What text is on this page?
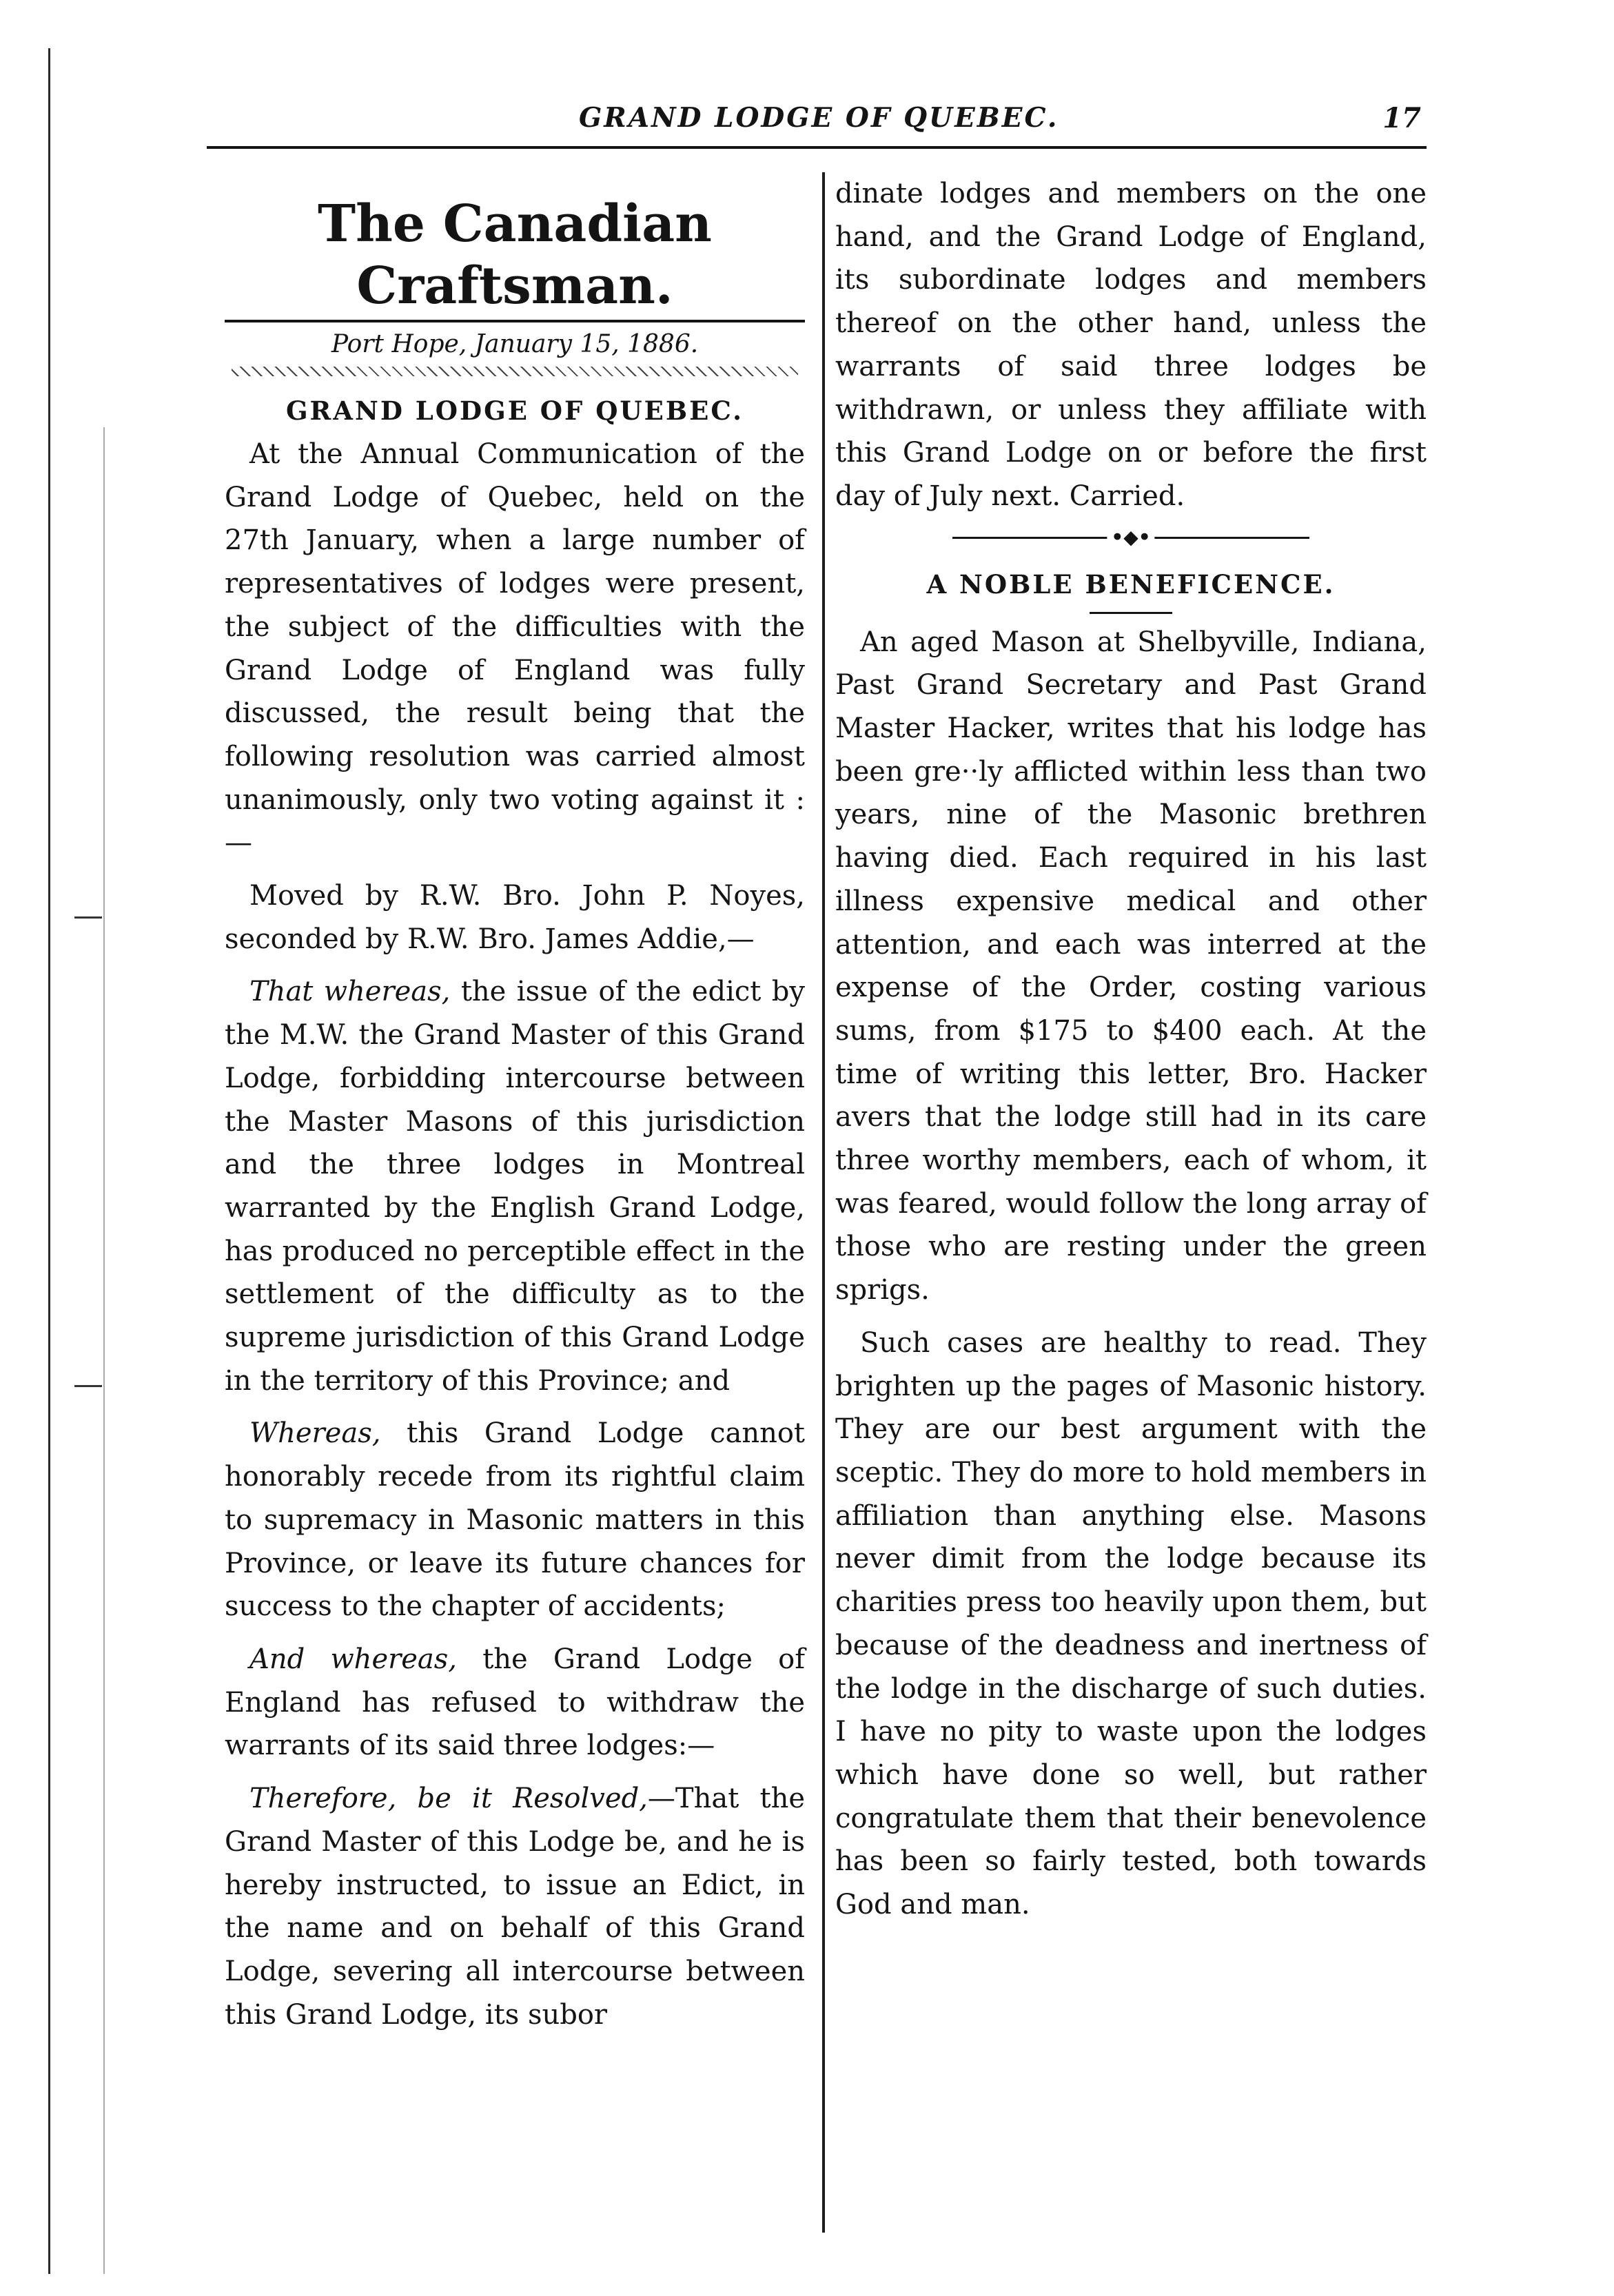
GRAND LODGE OF QUEBEC.	17
The Canadian Craftsman.
Port Hope, January 15, 1886.
GRAND LODGE OF QUEBEC.

At the Annual Communication of the Grand Lodge of Quebec, held on the 27th January, when a large number of representatives of lodges were present, the subject of the difficulties with the Grand Lodge of England was fully discussed, the result being that the following resolution was carried almost unanimously, only two voting against it :—

Moved by R.W. Bro. John P. Noyes, seconded by R.W. Bro. James Addie,—

That whereas, the issue of the edict by the M.W. the Grand Master of this Grand Lodge, forbidding intercourse between the Master Masons of this jurisdiction and the three lodges in Montreal warranted by the English Grand Lodge, has produced no perceptible effect in the settlement of the difficulty as to the supreme jurisdiction of this Grand Lodge in the territory of this Province; and

Whereas, this Grand Lodge cannot honorably recede from its rightful claim to supremacy in Masonic matters in this Province, or leave its future chances for success to the chapter of accidents;

And whereas, the Grand Lodge of England has refused to withdraw the warrants of its said three lodges:—

Therefore, be it Resolved,—That the Grand Master of this Lodge be, and he is hereby instructed, to issue an Edict, in the name and on behalf of this Grand Lodge, severing all intercourse between this Grand Lodge, its subor

dinate lodges and members on the one hand, and the Grand Lodge of England, its subordinate lodges and members thereof on the other hand, unless the warrants of said three lodges be withdrawn, or unless they affiliate with this Grand Lodge on or before the first day of July next. Carried.

•◆•
A NOBLE BENEFICENCE.

An aged Mason at Shelbyville, Indiana, Past Grand Secretary and Past Grand Master Hacker, writes that his lodge has been gre··ly afflicted within less than two years, nine of the Masonic brethren having died. Each required in his last illness expensive medical and other attention, and each was interred at the expense of the Order, costing various sums, from $175 to $400 each. At the time of writing this letter, Bro. Hacker avers that the lodge still had in its care three worthy members, each of whom, it was feared, would follow the long array of those who are resting under the green sprigs.

Such cases are healthy to read. They brighten up the pages of Masonic history. They are our best argument with the sceptic. They do more to hold members in affiliation than anything else. Masons never dimit from the lodge because its charities press too heavily upon them, but because of the deadness and inertness of the lodge in the discharge of such duties. I have no pity to waste upon the lodges which have done so well, but rather congratulate them that their benevolence has been so fairly tested, both towards God and man.
